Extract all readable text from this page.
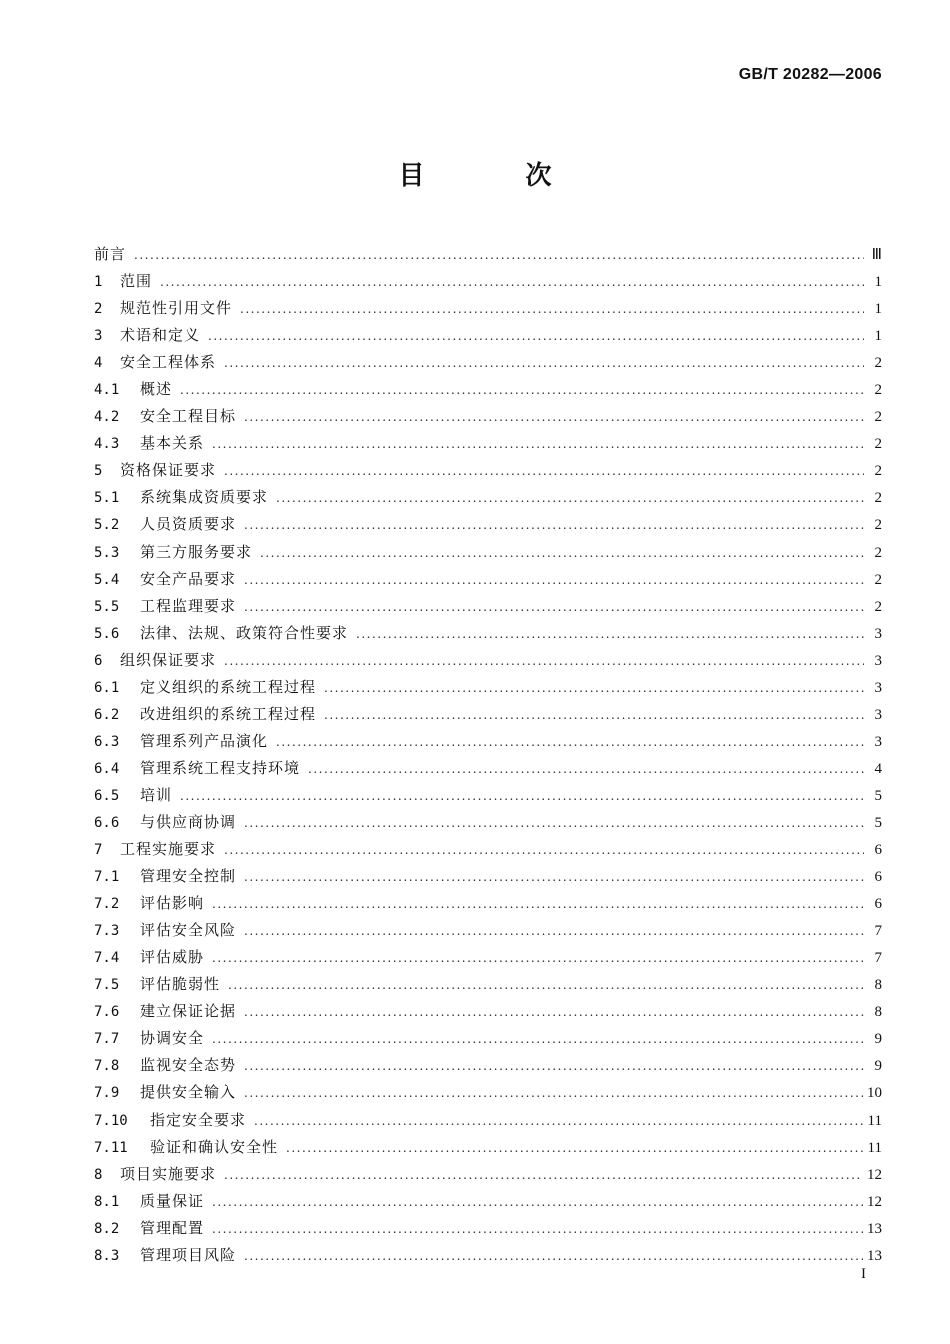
GB/T 20282—2006
目 次
前言 .....	Ⅲ
1	范围 .....	1
2	规范性引用文件 .....	1
3	术语和定义 .....	1
4	安全工程体系 .....	2
4.1	概述 .....	2
4.2	安全工程目标 .....	2
4.3	基本关系 .....	2
5	资格保证要求 .....	2
5.1	系统集成资质要求 .....	2
5.2	人员资质要求 .....	2
5.3	第三方服务要求 .....	2
5.4	安全产品要求 .....	2
5.5	工程监理要求 .....	2
5.6	法律、法规、政策符合性要求 .....	3
6	组织保证要求 .....	3
6.1	定义组织的系统工程过程 .....	3
6.2	改进组织的系统工程过程 .....	3
6.3	管理系列产品演化 .....	3
6.4	管理系统工程支持环境 .....	4
6.5	培训 .....	5
6.6	与供应商协调 .....	5
7	工程实施要求 .....	6
7.1	管理安全控制 .....	6
7.2	评估影响 .....	6
7.3	评估安全风险 .....	7
7.4	评估威胁 .....	7
7.5	评估脆弱性 .....	8
7.6	建立保证论据 .....	8
7.7	协调安全 .....	9
7.8	监视安全态势 .....	9
7.9	提供安全输入 .....	10
7.10	指定安全要求 .....	11
7.11	验证和确认安全性 .....	11
8	项目实施要求 .....	12
8.1	质量保证 .....	12
8.2	管理配置 .....	13
8.3	管理项目风险 .....	13
I
